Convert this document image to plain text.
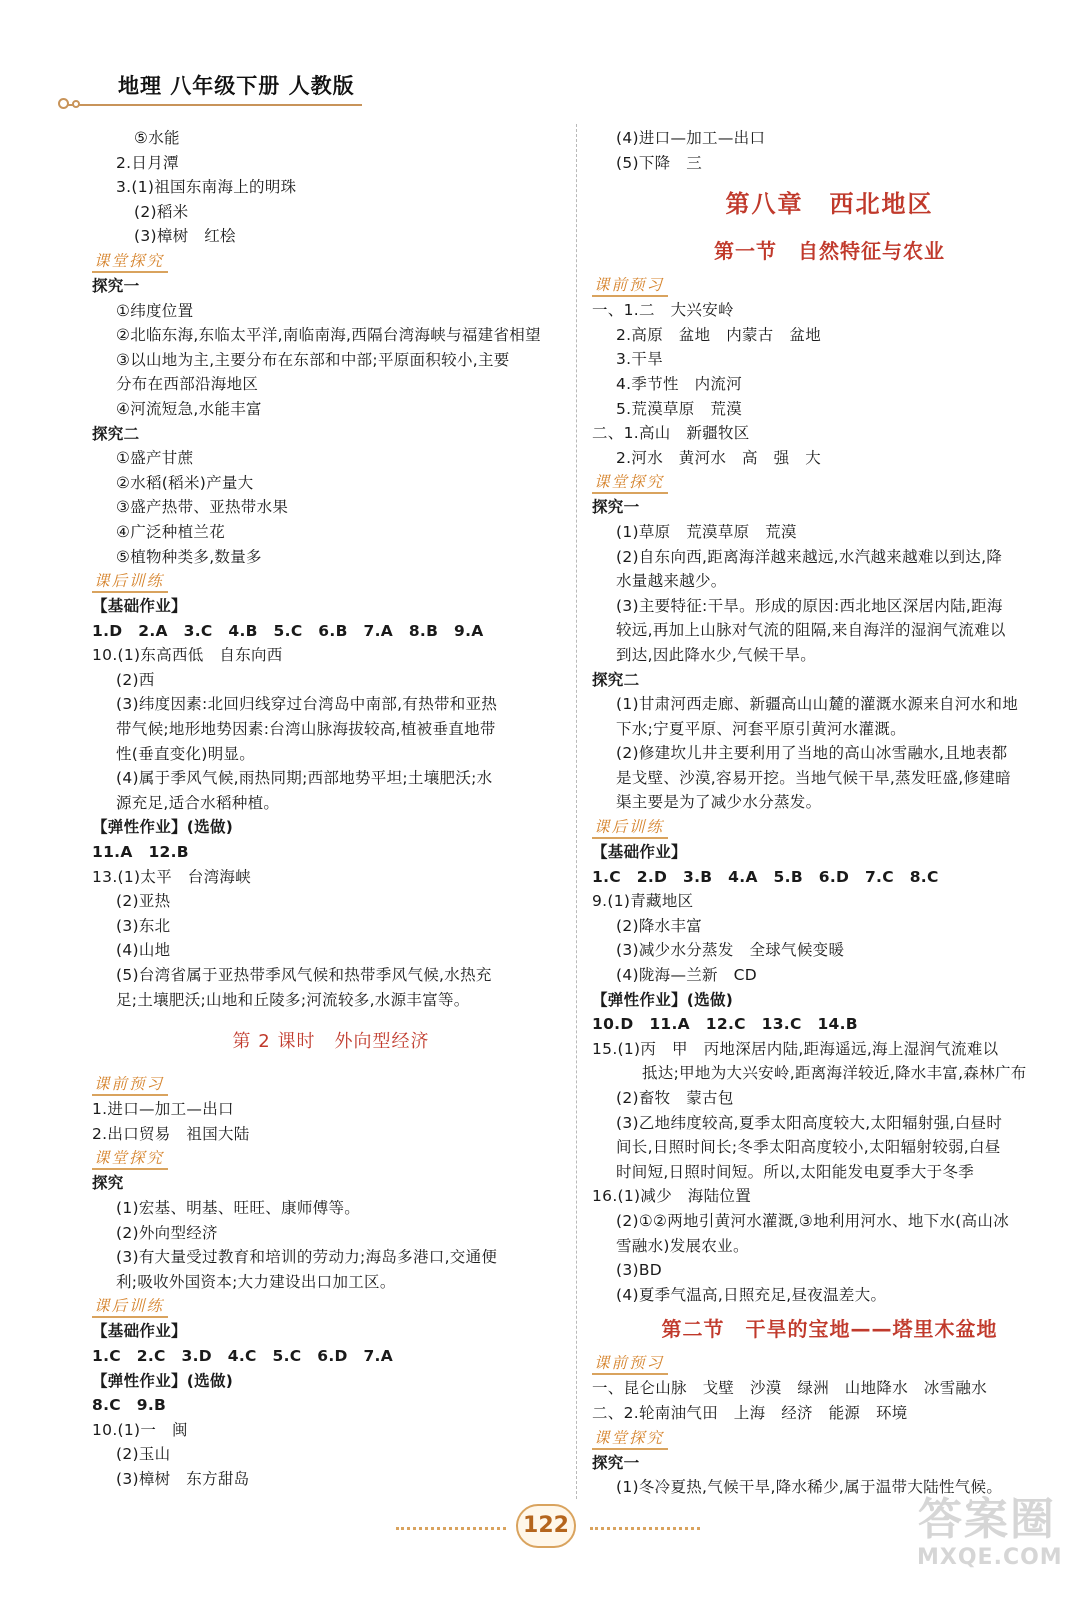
地理 八年级下册 人教版
⑤水能
2.日月潭
3.(1)祖国东南海上的明珠
(2)稻米
(3)樟树　红桧
课堂探究
探究一
①纬度位置
②北临东海,东临太平洋,南临南海,西隔台湾海峡与福建省相望
③以山地为主,主要分布在东部和中部;平原面积较小,主要
分布在西部沿海地区
④河流短急,水能丰富
探究二
①盛产甘蔗
②水稻(稻米)产量大
③盛产热带、亚热带水果
④广泛种植兰花
⑤植物种类多,数量多
课后训练
【基础作业】
1.D　2.A　3.C　4.B　5.C　6.B　7.A　8.B　9.A
10.(1)东高西低　自东向西
(2)西
(3)纬度因素:北回归线穿过台湾岛中南部,有热带和亚热
带气候;地形地势因素:台湾山脉海拔较高,植被垂直地带
性(垂直变化)明显。
(4)属于季风气候,雨热同期;西部地势平坦;土壤肥沃;水
源充足,适合水稻种植。
【弹性作业】(选做)
11.A　12.B
13.(1)太平　台湾海峡
(2)亚热
(3)东北
(4)山地
(5)台湾省属于亚热带季风气候和热带季风气候,水热充
足;土壤肥沃;山地和丘陵多;河流较多,水源丰富等。
第 2 课时　外向型经济
课前预习
1.进口—加工—出口
2.出口贸易　祖国大陆
课堂探究
探究
(1)宏基、明基、旺旺、康师傅等。
(2)外向型经济
(3)有大量受过教育和培训的劳动力;海岛多港口,交通便
利;吸收外国资本;大力建设出口加工区。
课后训练
【基础作业】
1.C　2.C　3.D　4.C　5.C　6.D　7.A
【弹性作业】(选做)
8.C　9.B
10.(1)一　闽
(2)玉山
(3)樟树　东方甜岛
(4)进口—加工—出口
(5)下降　三
第八章　西北地区
第一节　自然特征与农业
课前预习
一、1.二　大兴安岭
2.高原　盆地　内蒙古　盆地
3.干旱
4.季节性　内流河
5.荒漠草原　荒漠
二、1.高山　新疆牧区
2.河水　黄河水　高　强　大
课堂探究
探究一
(1)草原　荒漠草原　荒漠
(2)自东向西,距离海洋越来越远,水汽越来越难以到达,降
水量越来越少。
(3)主要特征:干旱。形成的原因:西北地区深居内陆,距海
较远,再加上山脉对气流的阻隔,来自海洋的湿润气流难以
到达,因此降水少,气候干旱。
探究二
(1)甘肃河西走廊、新疆高山山麓的灌溉水源来自河水和地
下水;宁夏平原、河套平原引黄河水灌溉。
(2)修建坎儿井主要利用了当地的高山冰雪融水,且地表都
是戈壁、沙漠,容易开挖。当地气候干旱,蒸发旺盛,修建暗
渠主要是为了减少水分蒸发。
课后训练
【基础作业】
1.C　2.D　3.B　4.A　5.B　6.D　7.C　8.C
9.(1)青藏地区
(2)降水丰富
(3)减少水分蒸发　全球气候变暖
(4)陇海—兰新　CD
【弹性作业】(选做)
10.D　11.A　12.C　13.C　14.B
15.(1)丙　甲　丙地深居内陆,距海遥远,海上湿润气流难以
抵达;甲地为大兴安岭,距离海洋较近,降水丰富,森林广布
(2)畜牧　蒙古包
(3)乙地纬度较高,夏季太阳高度较大,太阳辐射强,白昼时
间长,日照时间长;冬季太阳高度较小,太阳辐射较弱,白昼
时间短,日照时间短。所以,太阳能发电夏季大于冬季
16.(1)减少　海陆位置
(2)①②两地引黄河水灌溉,③地利用河水、地下水(高山冰
雪融水)发展农业。
(3)BD
(4)夏季气温高,日照充足,昼夜温差大。
第二节　干旱的宝地——塔里木盆地
课前预习
一、昆仑山脉　戈壁　沙漠　绿洲　山地降水　冰雪融水
二、2.轮南油气田　上海　经济　能源　环境
课堂探究
探究一
(1)冬冷夏热,气候干旱,降水稀少,属于温带大陆性气候。
122	答案圈
MXQE.COM
